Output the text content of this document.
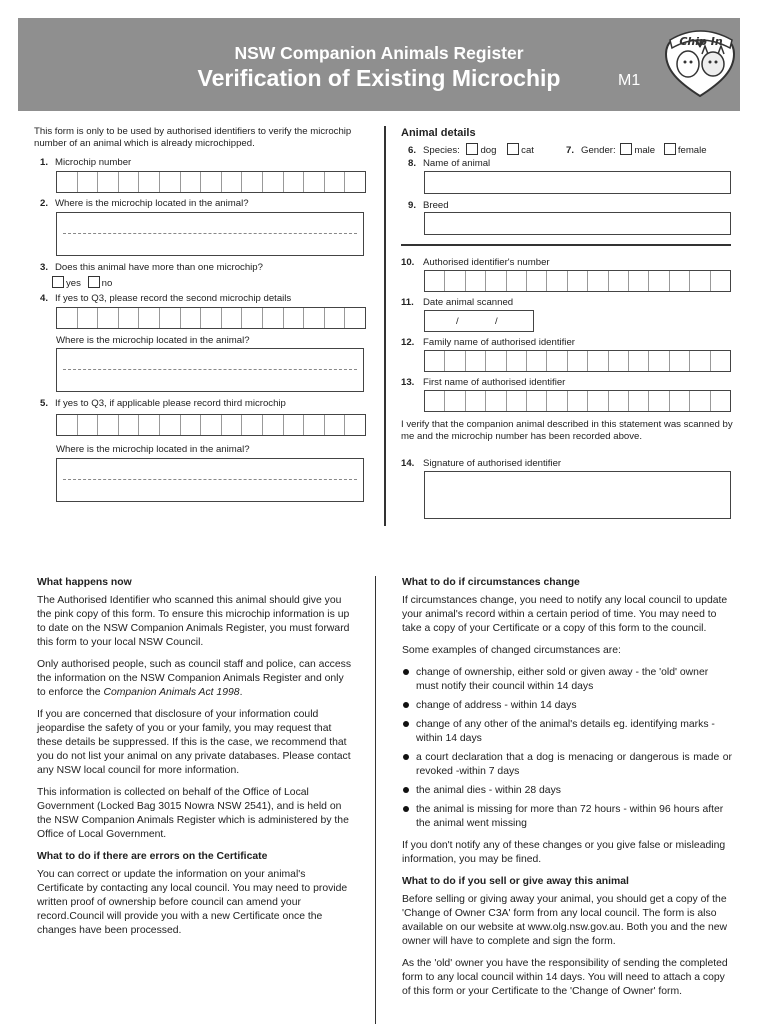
NSW Companion Animals Register
Verification of Existing Microchip	M1
Chip In
This form is only to be used by authorised identifiers to verify the microchip number of an animal which is already microchipped.
1. Microchip number
2. Where is the microchip located in the animal?
3. Does this animal have more than one microchip?
yes no
4. If yes to Q3, please record the second microchip details
Where is the microchip located in the animal?
5. If yes to Q3, if applicable please record third microchip
Where is the microchip located in the animal?
Animal details
6. Species: dog	cat	7. Gender: male female
8. Name of animal
9. Breed
10. Authorised identifier's number
11. Date animal scanned
/	/
12. Family name of authorised identifier
13. First name of authorised identifier
I verify that the companion animal described in this statement was scanned by me and the microchip number has been recorded above.
14. Signature of authorised identifier
What happens now

The Authorised Identifier who scanned this animal should give you the pink copy of this form. To ensure this microchip information is up to date on the NSW Companion Animals Register, you must forward this form to your local NSW Council.

Only authorised people, such as council staff and police, can access the information on the NSW Companion Animals Register and only to enforce the Companion Animals Act 1998.

If you are concerned that disclosure of your information could jeopardise the safety of you or your family, you may request that these details be suppressed. If this is the case, we recommend that you do not list your animal on any private databases. Please contact any NSW local council for more information.

This information is collected on behalf of the Office of Local Government (Locked Bag 3015 Nowra NSW 2541), and is held on the NSW Companion Animals Register which is administered by the Office of Local Government.

What to do if there are errors on the Certificate

You can correct or update the information on your animal's Certificate by contacting any local council. You may need to provide written proof of ownership before council can amend your record.Council will provide you with a new Certificate once the changes have been processed.

What to do if circumstances change

If circumstances change, you need to notify any local council to update your animal's record within a certain period of time. You may need to take a copy of your Certificate or a copy of this form to the council.

Some examples of changed circumstances are:

change of ownership, either sold or given away - the 'old' owner must notify their council within 14 days
change of address - within 14 days
change of any other of the animal's details eg. identifying marks - within 14 days
a court declaration that a dog is menacing or dangerous is made or revoked -within 7 days
the animal dies - within 28 days
the animal is missing for more than 72 hours - within 96 hours after the animal went missing

If you don't notify any of these changes or you give false or misleading information, you may be fined.

What to do if you sell or give away this animal

Before selling or giving away your animal, you should get a copy of the 'Change of Owner C3A' form from any local council. The form is also available on our website at www.olg.nsw.gov.au. Both you and the new owner will have to complete and sign the form.

As the 'old' owner you have the responsibility of sending the completed form to any local council within 14 days. You will need to attach a copy of this form or your Certificate to the 'Change of Owner' form.
